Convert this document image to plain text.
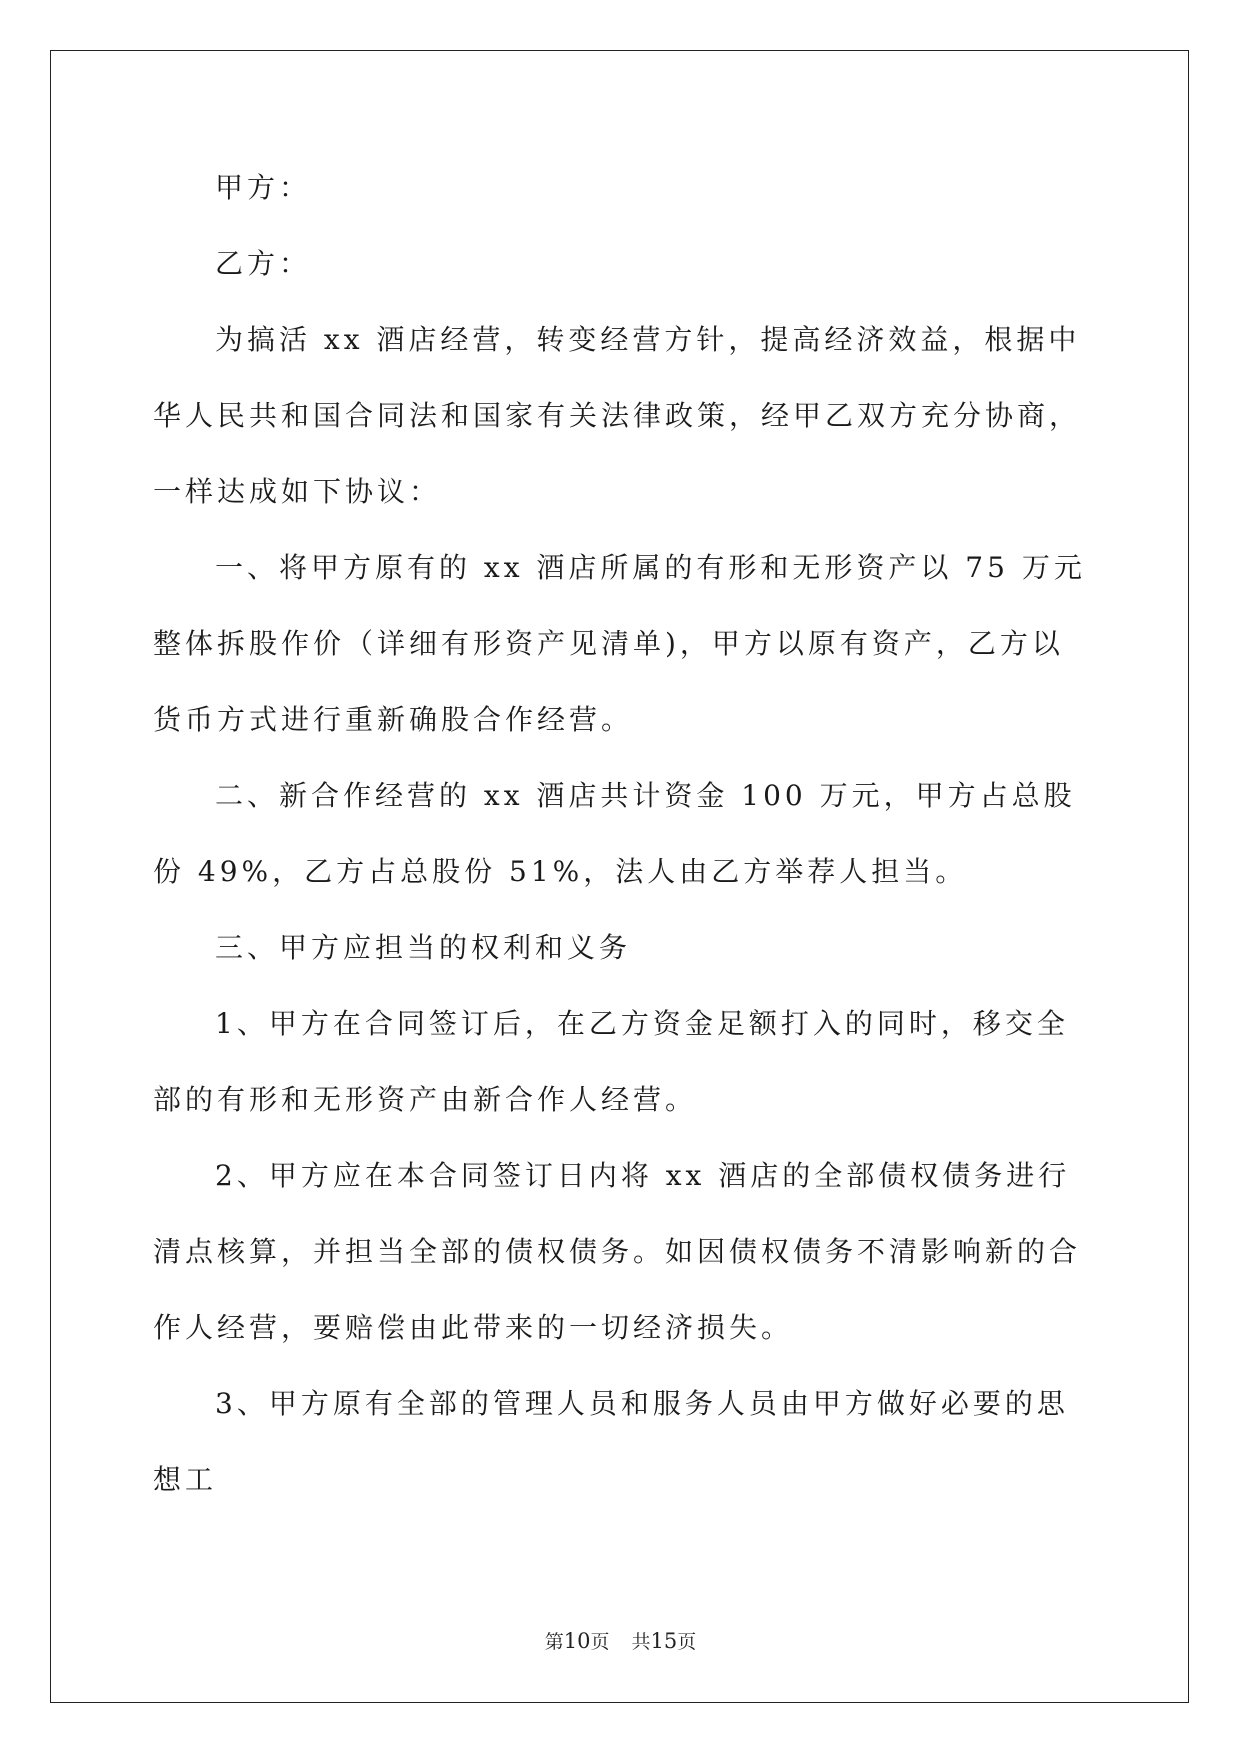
甲方：

乙方：

为搞活 xx 酒店经营，转变经营方针，提高经济效益，根据中华人民共和国合同法和国家有关法律政策，经甲乙双方充分协商，一样达成如下协议：

一、将甲方原有的 xx 酒店所属的有形和无形资产以 75 万元整体拆股作价（详细有形资产见清单)，甲方以原有资产，乙方以货币方式进行重新确股合作经营。

二、新合作经营的 xx 酒店共计资金 100 万元，甲方占总股份 49%，乙方占总股份 51%，法人由乙方举荐人担当。

三、甲方应担当的权利和义务

1、甲方在合同签订后，在乙方资金足额打入的同时，移交全部的有形和无形资产由新合作人经营。

2、甲方应在本合同签订日内将 xx 酒店的全部债权债务进行清点核算，并担当全部的债权债务。如因债权债务不清影响新的合作人经营，要赔偿由此带来的一切经济损失。

3、甲方原有全部的管理人员和服务人员由甲方做好必要的思想工

第10页 共15页
